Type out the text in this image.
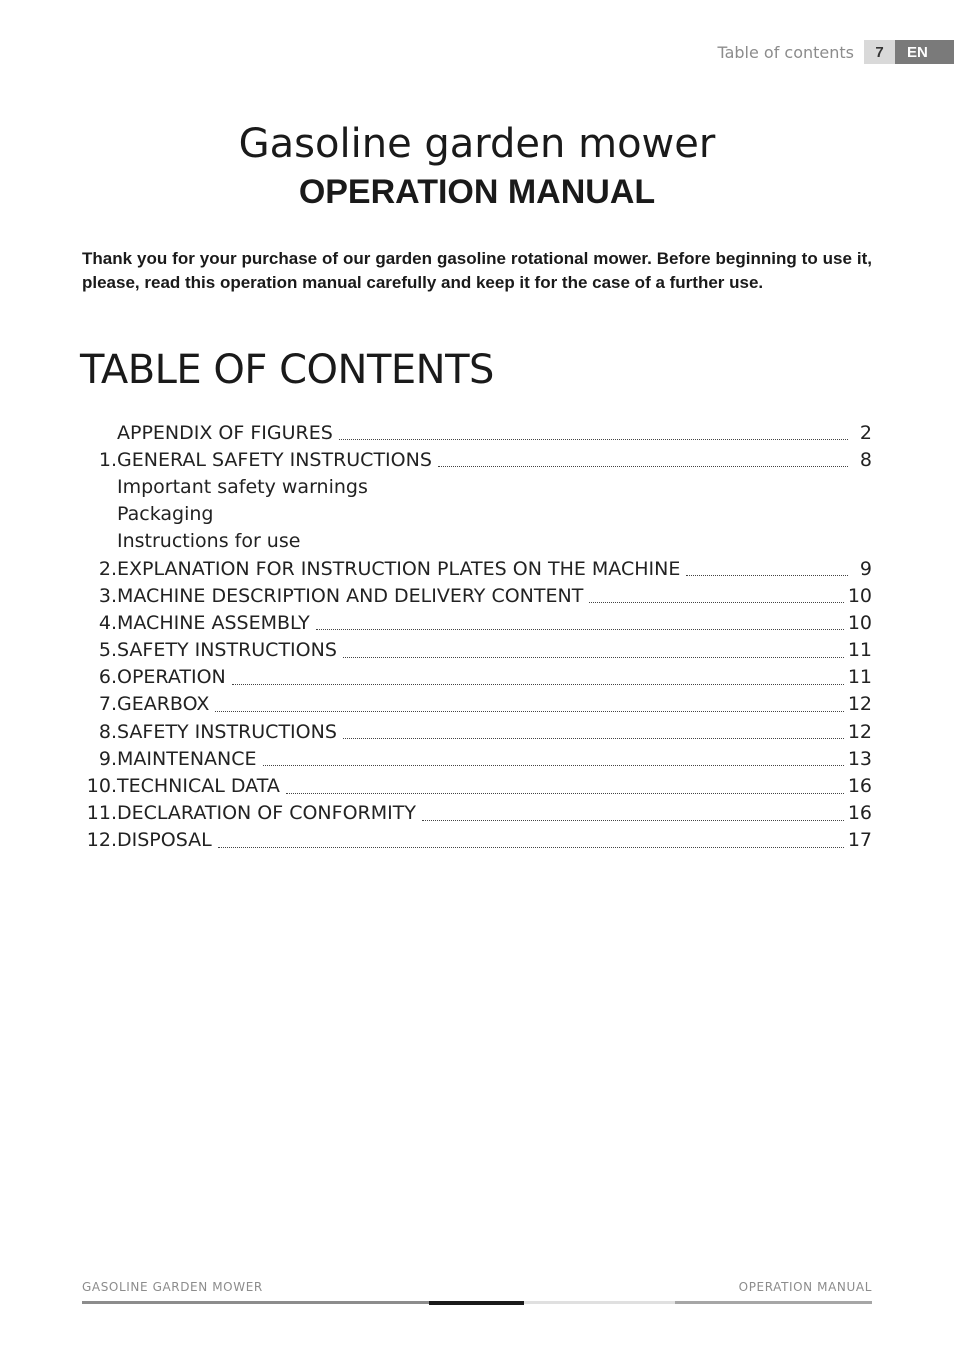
Table of contents	7	EN
Gasoline garden mower
OPERATION MANUAL

Thank you for your purchase of our garden gasoline rotational mower. Before beginning to use it, please, read this operation manual carefully and keep it for the case of a further use.

TABLE OF CONTENTS
APPENDIX OF FIGURES	2
1. GENERAL SAFETY INSTRUCTIONS	8
Important safety warnings
Packaging
Instructions for use
2. EXPLANATION FOR INSTRUCTION PLATES ON THE MACHINE	9
3. MACHINE DESCRIPTION AND DELIVERY CONTENT	10
4. MACHINE ASSEMBLY	10
5. SAFETY INSTRUCTIONS	11
6. OPERATION	11
7. GEARBOX	12
8. SAFETY INSTRUCTIONS	12
9. MAINTENANCE	13
10. TECHNICAL DATA	16
11. DECLARATION OF CONFORMITY	16
12. DISPOSAL	17
GASOLINE GARDEN MOWER	OPERATION MANUAL
